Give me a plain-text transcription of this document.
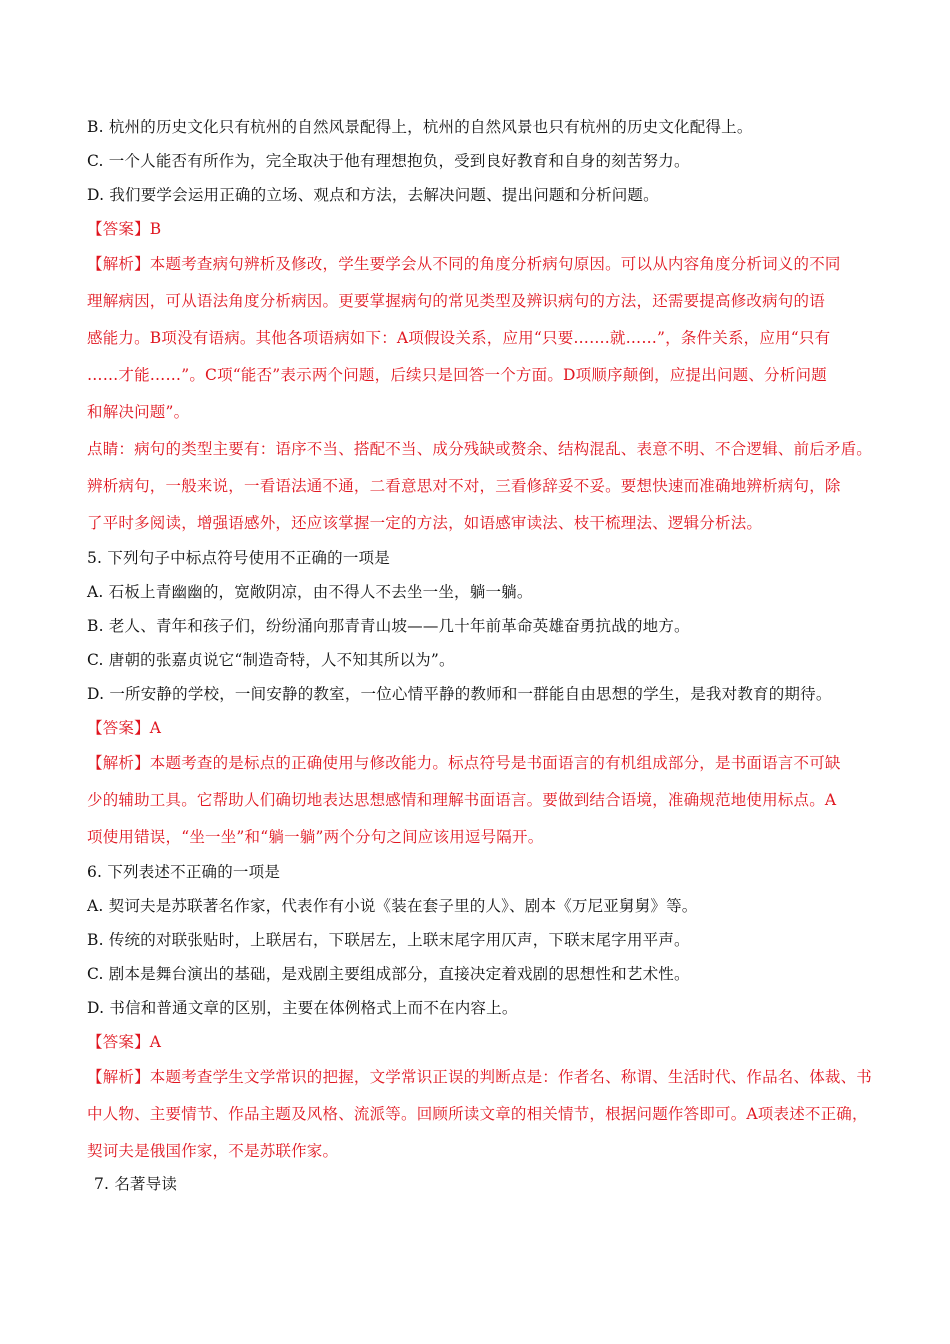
B. 杭州的历史文化只有杭州的自然风景配得上，杭州的自然风景也只有杭州的历史文化配得上。
C. 一个人能否有所作为，完全取决于他有理想抱负，受到良好教育和自身的刻苦努力。
D. 我们要学会运用正确的立场、观点和方法，去解决问题、提出问题和分析问题。
【答案】B
【解析】本题考查病句辨析及修改，学生要学会从不同的角度分析病句原因。可以从内容角度分析词义的不同
理解病因，可从语法角度分析病因。更要掌握病句的常见类型及辨识病句的方法，还需要提高修改病句的语
感能力。B项没有语病。其他各项语病如下：A项假设关系，应用“只要…….就……”，条件关系，应用“只有
……才能……”。C项“能否”表示两个问题，后续只是回答一个方面。D项顺序颠倒，应提出问题、分析问题
和解决问题”。
点睛：病句的类型主要有：语序不当、搭配不当、成分残缺或赘余、结构混乱、表意不明、不合逻辑、前后矛盾。
辨析病句，一般来说，一看语法通不通，二看意思对不对，三看修辞妥不妥。要想快速而准确地辨析病句，除
了平时多阅读，增强语感外，还应该掌握一定的方法，如语感审读法、枝干梳理法、逻辑分析法。
5. 下列句子中标点符号使用不正确的一项是
A. 石板上青幽幽的，宽敞阴凉，由不得人不去坐一坐，躺一躺。
B. 老人、青年和孩子们，纷纷涌向那青青山坡——几十年前革命英雄奋勇抗战的地方。
C. 唐朝的张嘉贞说它“制造奇特，人不知其所以为”。
D. 一所安静的学校，一间安静的教室，一位心情平静的教师和一群能自由思想的学生，是我对教育的期待。
【答案】A
【解析】本题考查的是标点的正确使用与修改能力。标点符号是书面语言的有机组成部分，是书面语言不可缺
少的辅助工具。它帮助人们确切地表达思想感情和理解书面语言。要做到结合语境，准确规范地使用标点。A
项使用错误，“坐一坐”和“躺一躺”两个分句之间应该用逗号隔开。
6. 下列表述不正确的一项是
A. 契诃夫是苏联著名作家，代表作有小说《装在套子里的人》、剧本《万尼亚舅舅》等。
B. 传统的对联张贴时，上联居右，下联居左，上联末尾字用仄声，下联末尾字用平声。
C. 剧本是舞台演出的基础，是戏剧主要组成部分，直接决定着戏剧的思想性和艺术性。
D. 书信和普通文章的区别，主要在体例格式上而不在内容上。
【答案】A
【解析】本题考查学生文学常识的把握，文学常识正误的判断点是：作者名、称谓、生活时代、作品名、体裁、书
中人物、主要情节、作品主题及风格、流派等。回顾所读文章的相关情节，根据问题作答即可。A项表述不正确，
契诃夫是俄国作家，不是苏联作家。
7. 名著导读
